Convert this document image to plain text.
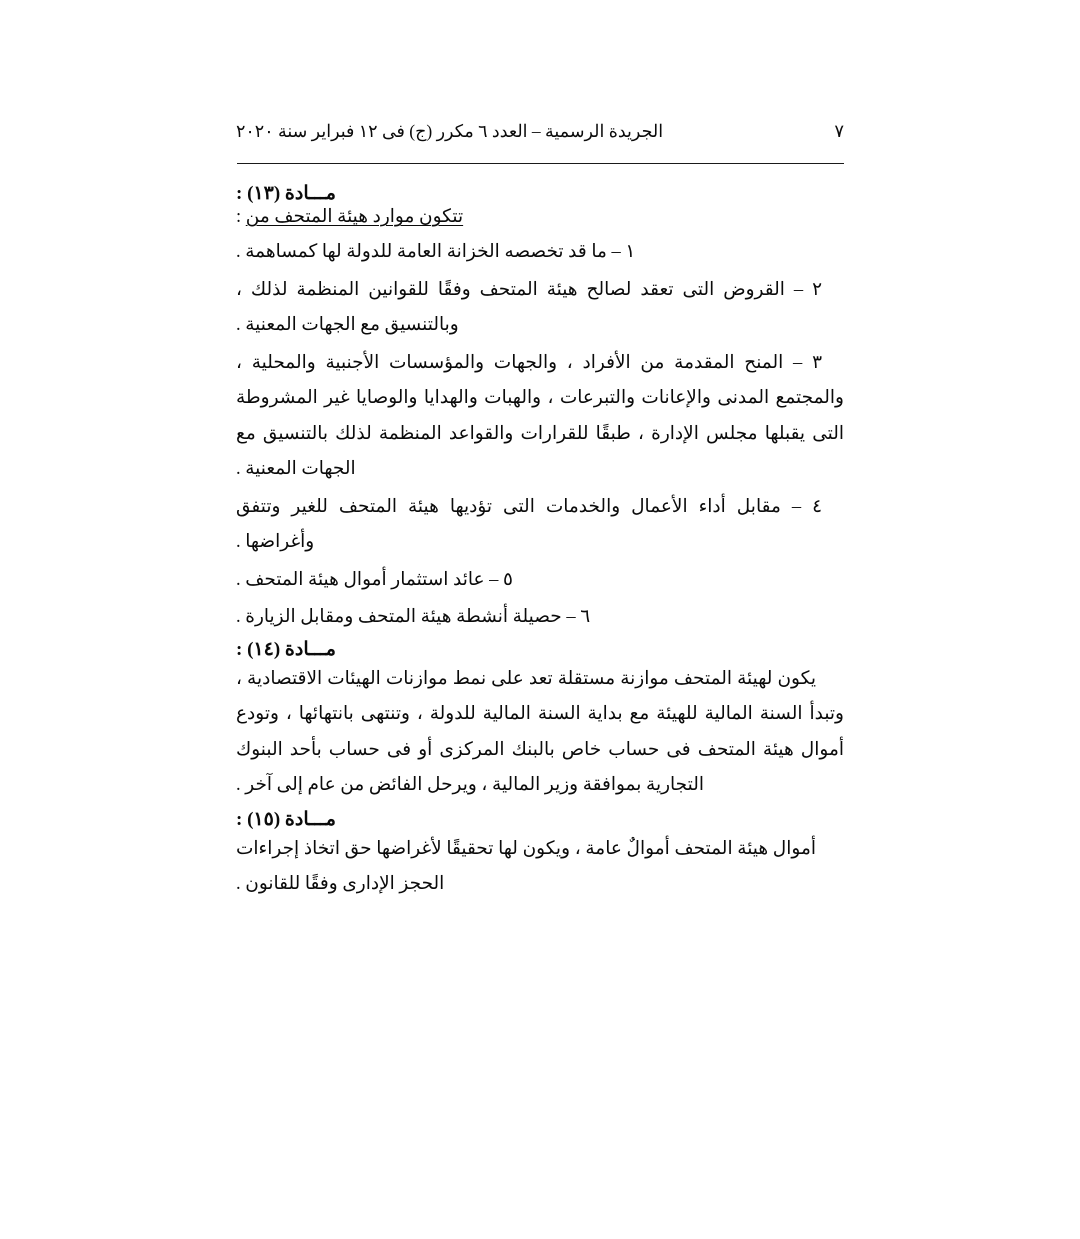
الجريدة الرسمية – العدد ٦ مكرر (ج) فى ١٢ فبراير سنة ٢٠٢٠	٧
مـــادة (١٣) :
تتكون موارد هيئة المتحف من :
١ – ما قد تخصصه الخزانة العامة للدولة لها كمساهمة .
٢ – القروض التى تعقد لصالح هيئة المتحف وفقًا للقوانين المنظمة لذلك ، وبالتنسيق مع الجهات المعنية .
٣ – المنح المقدمة من الأفراد ، والجهات والمؤسسات الأجنبية والمحلية ، والمجتمع المدنى والإعانات والتبرعات ، والهبات والهدايا والوصايا غير المشروطة التى يقبلها مجلس الإدارة ، طبقًا للقرارات والقواعد المنظمة لذلك بالتنسيق مع الجهات المعنية .
٤ – مقابل أداء الأعمال والخدمات التى تؤديها هيئة المتحف للغير وتتفق وأغراضها .
٥ – عائد استثمار أموال هيئة المتحف .
٦ – حصيلة أنشطة هيئة المتحف ومقابل الزيارة .
مـــادة (١٤) :
يكون لهيئة المتحف موازنة مستقلة تعد على نمط موازنات الهيئات الاقتصادية ، وتبدأ السنة المالية للهيئة مع بداية السنة المالية للدولة ، وتنتهى بانتهائها ، وتودع أموال هيئة المتحف فى حساب خاص بالبنك المركزى أو فى حساب بأحد البنوك التجارية بموافقة وزير المالية ، ويرحل الفائض من عام إلى آخر .
مـــادة (١٥) :
أموال هيئة المتحف أموالٌ عامة ، ويكون لها تحقيقًا لأغراضها حق اتخاذ إجراءات الحجز الإدارى وفقًا للقانون .
